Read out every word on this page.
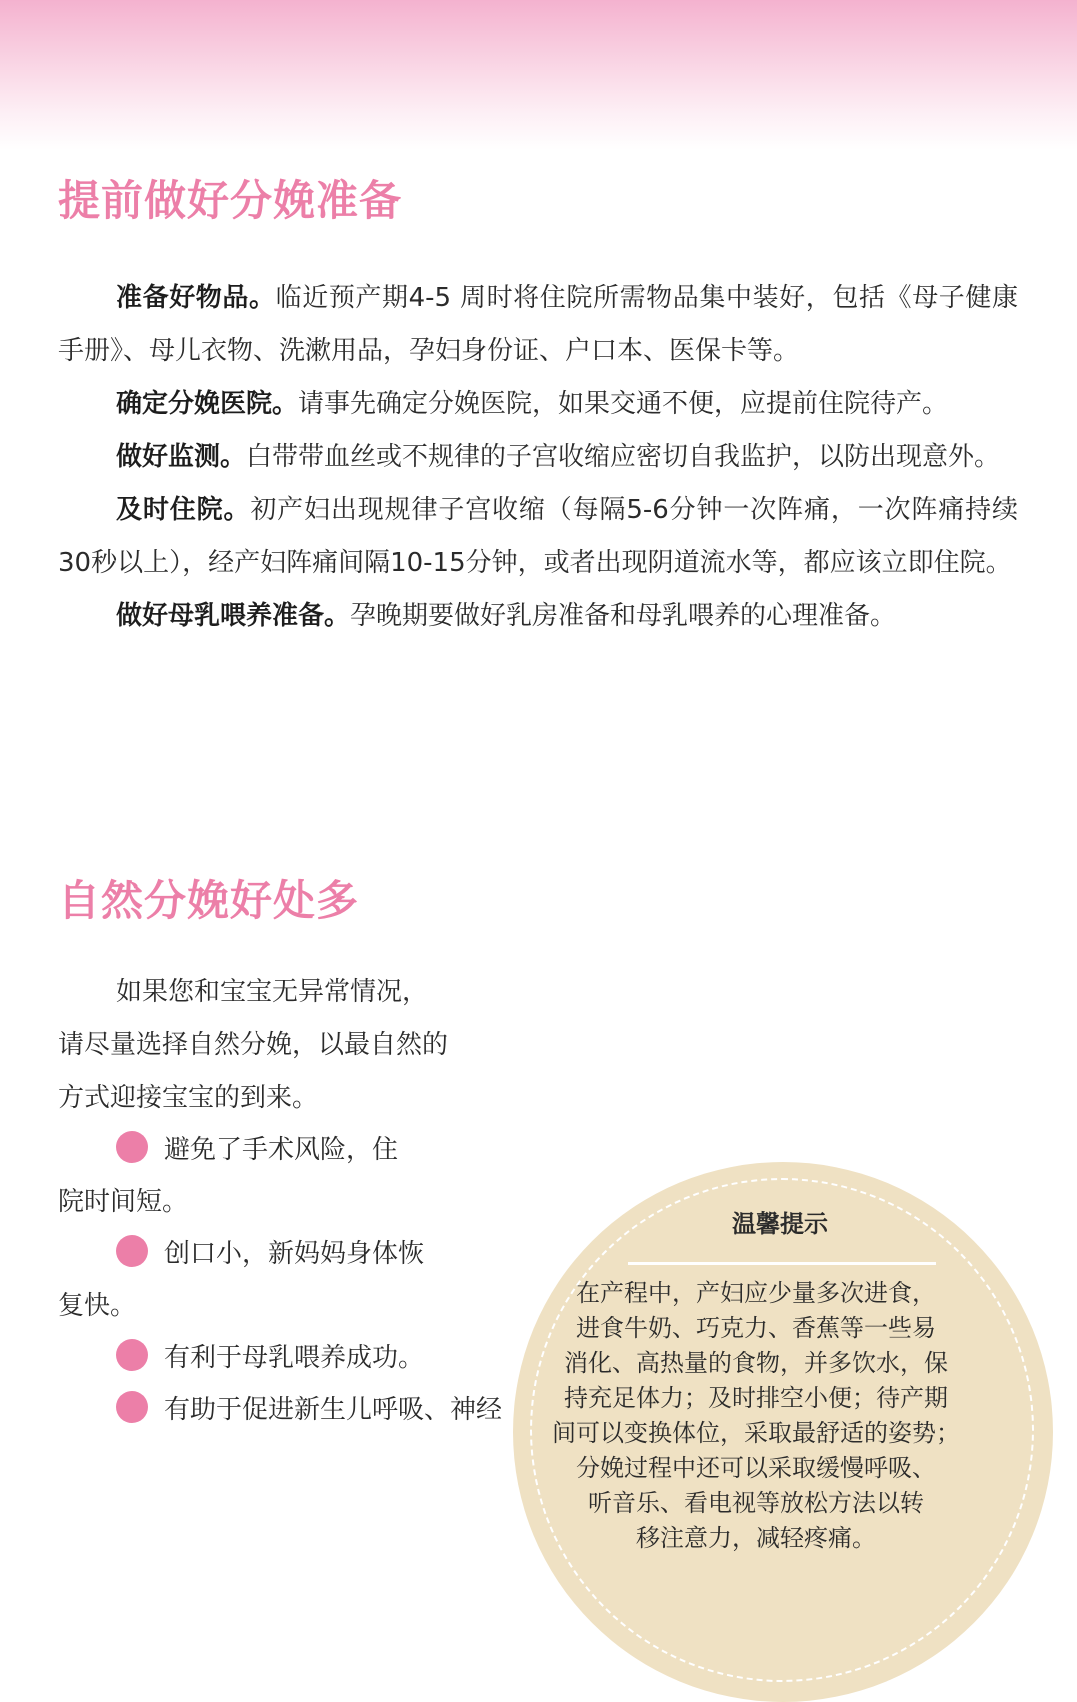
提前做好分娩准备

准备好物品。临近预产期4-5 周时将住院所需物品集中装好，包括《母子健康手册》、母儿衣物、洗漱用品，孕妇身份证、户口本、医保卡等。

确定分娩医院。请事先确定分娩医院，如果交通不便，应提前住院待产。

做好监测。白带带血丝或不规律的子宫收缩应密切自我监护，以防出现意外。

及时住院。初产妇出现规律子宫收缩（每隔5-6分钟一次阵痛，一次阵痛持续30秒以上），经产妇阵痛间隔10-15分钟，或者出现阴道流水等，都应该立即住院。

做好母乳喂养准备。孕晚期要做好乳房准备和母乳喂养的心理准备。

自然分娩好处多

如果您和宝宝无异常情况，请尽量选择自然分娩，以最自然的方式迎接宝宝的到来。

温馨提示
在产程中，产妇应少量多次进食，
进食牛奶、巧克力、香蕉等一些易
消化、高热量的食物，并多饮水，保
持充足体力；及时排空小便；待产期
间可以变换体位，采取最舒适的姿势；
分娩过程中还可以采取缓慢呼吸、
听音乐、看电视等放松方法以转
移注意力，减轻疼痛。
避免了手术风险，住院时间短。
创口小，新妈妈身体恢复快。
有利于母乳喂养成功。
有助于促进新生儿呼吸、神经
